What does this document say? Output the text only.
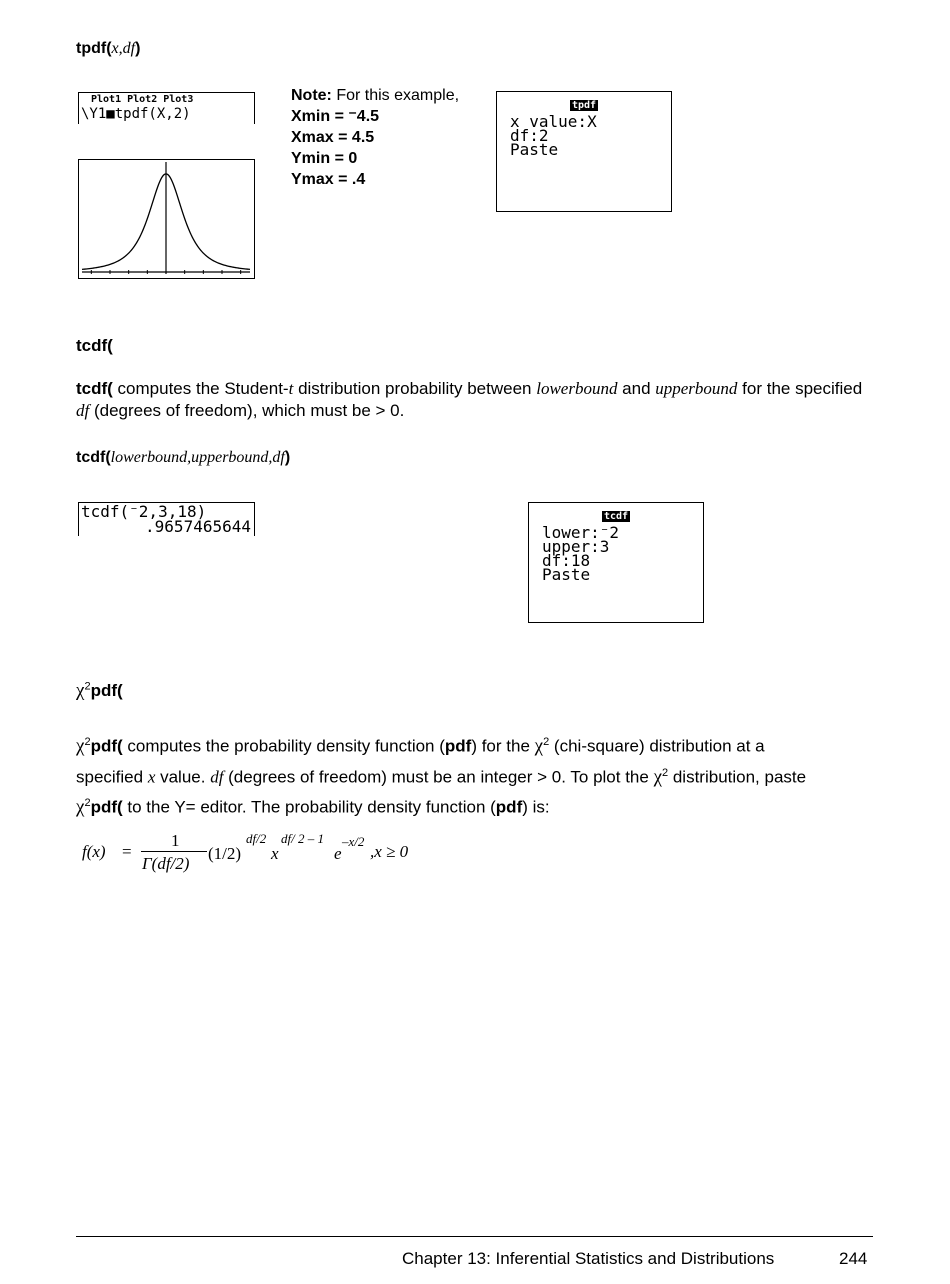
tpdf(x,df)
Plot1 Plot2 Plot3
\Y1■tpdf(X,2)
Note: For this example,
Xmin = ⁻4.5
Xmax = 4.5
Ymin = 0
Ymax = .4
tpdf
x value:X
df:2
Paste
tcdf(
tcdf( computes the Student-t distribution probability between lowerbound and upperbound for the specified df (degrees of freedom), which must be > 0.
tcdf(lowerbound,upperbound,df)
tcdf(⁻2,3,18)
.9657465644
tcdf
lower:⁻2
upper:3
df:18
Paste
$\chi^2pdf$(
$\chi^2pdf$( computes the probability density function (pdf) for the $\chi^2$ (chi-square) distribution at a
specified x value. df (degrees of freedom) must be an integer > 0. To plot the $\chi^2$ distribution, paste
$\chi^2pdf$( to the Y= editor. The probability density function (pdf) is:
f(x) =
1
Γ(df/2)
(1/2)
df/2
x
df/ 2 – 1
e
–x/2
,x ≥ 0
Chapter 13: Inferential Statistics and Distributions	244
